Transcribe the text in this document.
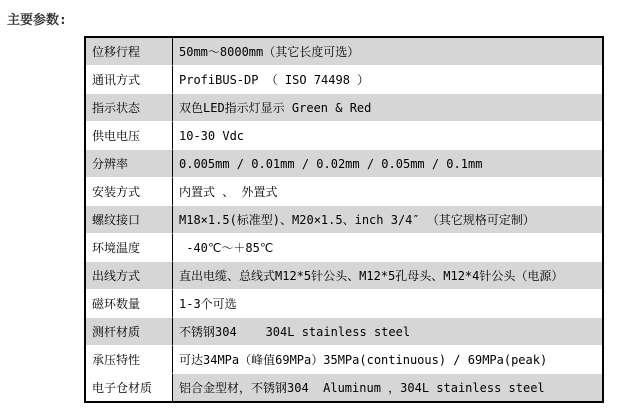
主要参数:
位移行程	50mm～8000mm（其它长度可选）
通讯方式	ProfiBUS-DP （ ISO 74498 ）
指示状态	双色LED指示灯显示 Green & Red
供电电压	10-30 Vdc
分辨率	0.005mm / 0.01mm / 0.02mm / 0.05mm / 0.1mm
安装方式	内置式 、 外置式
螺纹接口	M18×1.5(标准型)、M20×1.5、inch 3/4″ （其它规格可定制）
环境温度	-40℃～＋85℃
出线方式	直出电缆、总线式M12*5针公头、M12*5孔母头、M12*4针公头（电源）
磁环数量	1-3个可选
测杆材质	不锈钢304    304L stainless steel
承压特性	可达34MPa（峰值69MPa）35MPa(continuous) / 69MPa(peak)
电子仓材质	铝合金型材，不锈钢304  Aluminum ，304L stainless steel
